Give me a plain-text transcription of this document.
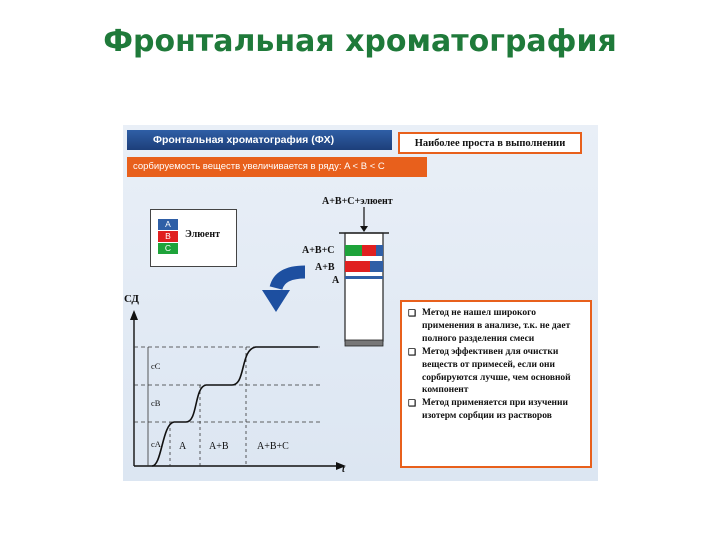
Фронтальная хроматография
Фронтальная хроматография (ФХ)	Наиболее проста в выполнении
сорбируемость веществ увеличивается в ряду: A < B < C
A
B
C
Элюент
A+B+C+элюент
A+B+C
A+B
A
СД
t
cC
cB
cA A A+B	A+B+C
❏ Метод не нашел широкого применения в анализе, т.к. не дает полного разделения смеси
❏ Метод эффективен для очистки веществ от примесей, если они сорбируются лучше, чем основной компонент
❏ Метод применяется при изучении изотерм сорбции из растворов
